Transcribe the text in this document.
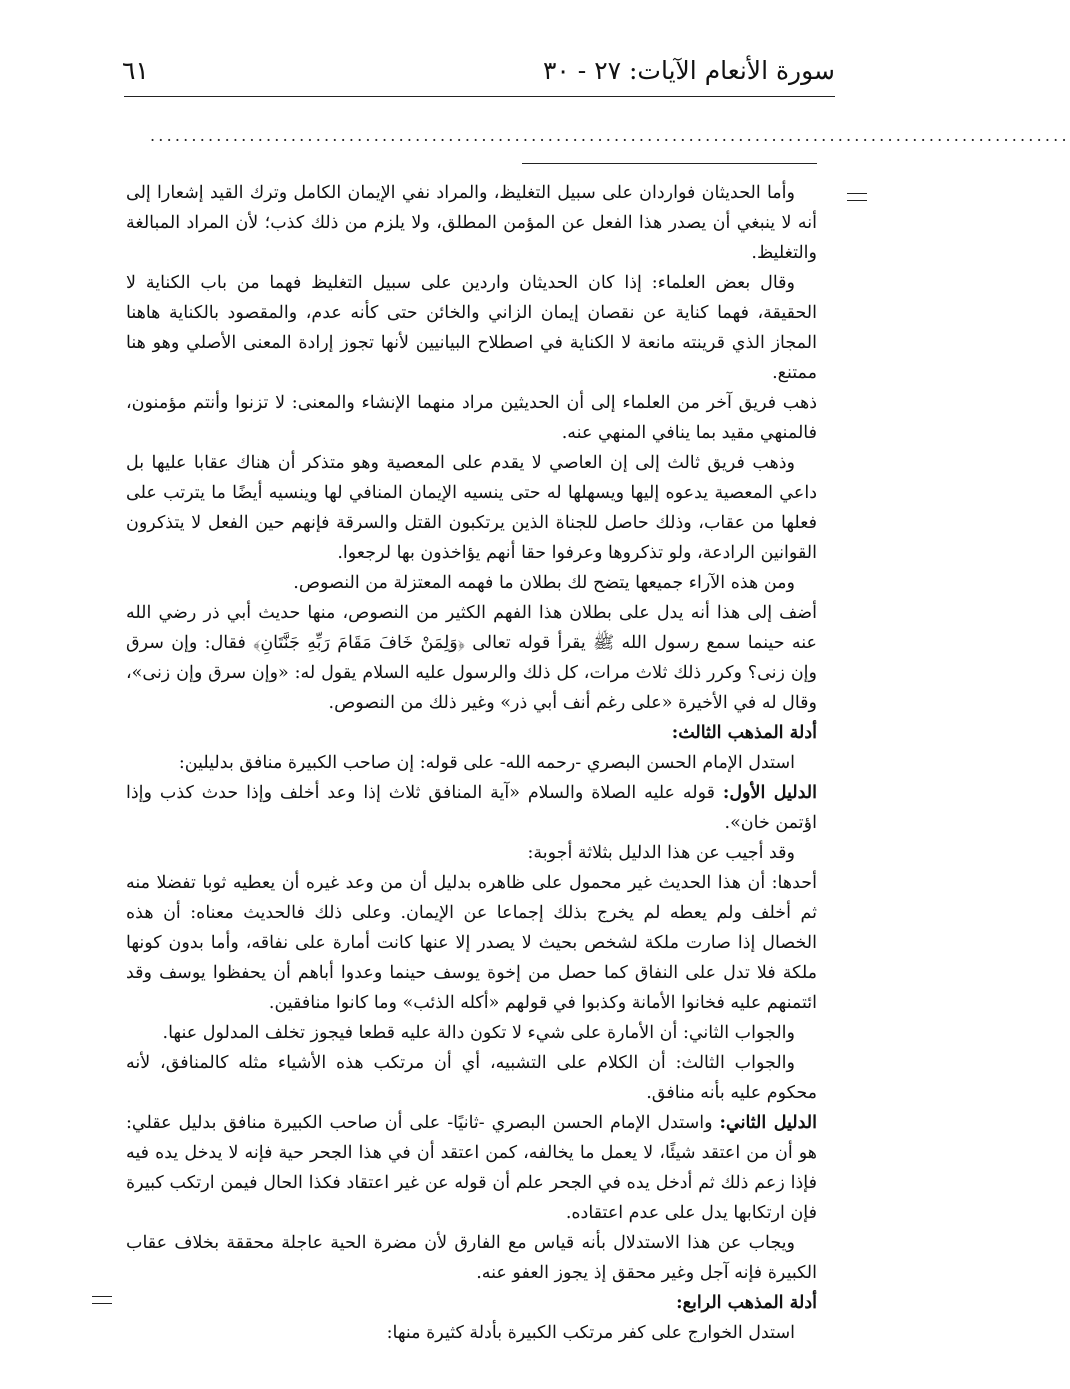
سورة الأنعام الآيات: ٢٧ - ٣٠
٦١
...............................................................................................................

وأما الحديثان فواردان على سبيل التغليظ، والمراد نفي الإيمان الكامل وترك القيد إشعارا إلى أنه لا ينبغي أن يصدر هذا الفعل عن المؤمن المطلق، ولا يلزم من ذلك كذب؛ لأن المراد المبالغة والتغليظ.

وقال بعض العلماء: إذا كان الحديثان واردين على سبيل التغليظ فهما من باب الكناية لا الحقيقة، فهما كناية عن نقصان إيمان الزاني والخائن حتى كأنه عدم، والمقصود بالكناية هاهنا المجاز الذي قرينته مانعة لا الكناية في اصطلاح البيانيين لأنها تجوز إرادة المعنى الأصلي وهو هنا ممتنع.

ذهب فريق آخر من العلماء إلى أن الحديثين مراد منهما الإنشاء والمعنى: لا تزنوا وأنتم مؤمنون، فالمنهي مقيد بما ينافي المنهي عنه.

وذهب فريق ثالث إلى إن العاصي لا يقدم على المعصية وهو متذكر أن هناك عقابا عليها بل داعي المعصية يدعوه إليها ويسهلها له حتى ينسيه الإيمان المنافي لها وينسيه أيضًا ما يترتب على فعلها من عقاب، وذلك حاصل للجناة الذين يرتكبون القتل والسرقة فإنهم حين الفعل لا يتذكرون القوانين الرادعة، ولو تذكروها وعرفوا حقا أنهم يؤاخذون بها لرجعوا.

ومن هذه الآراء جميعها يتضح لك بطلان ما فهمه المعتزلة من النصوص.

أضف إلى هذا أنه يدل على بطلان هذا الفهم الكثير من النصوص، منها حديث أبي ذر رضي الله عنه حينما سمع رسول الله ﷺ يقرأ قوله تعالى ﴿وَلِمَنْ خَافَ مَقَامَ رَبِّهِ جَنَّتَانِ﴾ فقال: وإن سرق وإن زنى؟ وكرر ذلك ثلاث مرات، كل ذلك والرسول عليه السلام يقول له: «وإن سرق وإن زنى»، وقال له في الأخيرة «على رغم أنف أبي ذر» وغير ذلك من النصوص.

أدلة المذهب الثالث:

استدل الإمام الحسن البصري -رحمه الله- على قوله: إن صاحب الكبيرة منافق بدليلين:

الدليل الأول: قوله عليه الصلاة والسلام «آية المنافق ثلاث إذا وعد أخلف وإذا حدث كذب وإذا اؤتمن خان».

وقد أجيب عن هذا الدليل بثلاثة أجوبة:

أحدها: أن هذا الحديث غير محمول على ظاهره بدليل أن من وعد غيره أن يعطيه ثوبا تفضلا منه ثم أخلف ولم يعطه لم يخرج بذلك إجماعا عن الإيمان. وعلى ذلك فالحديث معناه: أن هذه الخصال إذا صارت ملكة لشخص بحيث لا يصدر إلا عنها كانت أمارة على نفاقه، وأما بدون كونها ملكة فلا تدل على النفاق كما حصل من إخوة يوسف حينما وعدوا أباهم أن يحفظوا يوسف وقد ائتمنهم عليه فخانوا الأمانة وكذبوا في قولهم «أكله الذئب» وما كانوا منافقين.

والجواب الثاني: أن الأمارة على شيء لا تكون دالة عليه قطعا فيجوز تخلف المدلول عنها.

والجواب الثالث: أن الكلام على التشبيه، أي أن مرتكب هذه الأشياء مثله كالمنافق، لأنه محكوم عليه بأنه منافق.

الدليل الثاني: واستدل الإمام الحسن البصري -ثانيًا- على أن صاحب الكبيرة منافق بدليل عقلي: هو أن من اعتقد شيئًا، لا يعمل ما يخالفه، كمن اعتقد أن في هذا الجحر حية فإنه لا يدخل يده فيه فإذا زعم ذلك ثم أدخل يده في الجحر علم أن قوله عن غير اعتقاد فكذا الحال فيمن ارتكب كبيرة فإن ارتكابها يدل على عدم اعتقاده.

ويجاب عن هذا الاستدلال بأنه قياس مع الفارق لأن مضرة الحية عاجلة محققة بخلاف عقاب الكبيرة فإنه آجل وغير محقق إذ يجوز العفو عنه.

أدلة المذهب الرابع:

استدل الخوارج على كفر مرتكب الكبيرة بأدلة كثيرة منها:
